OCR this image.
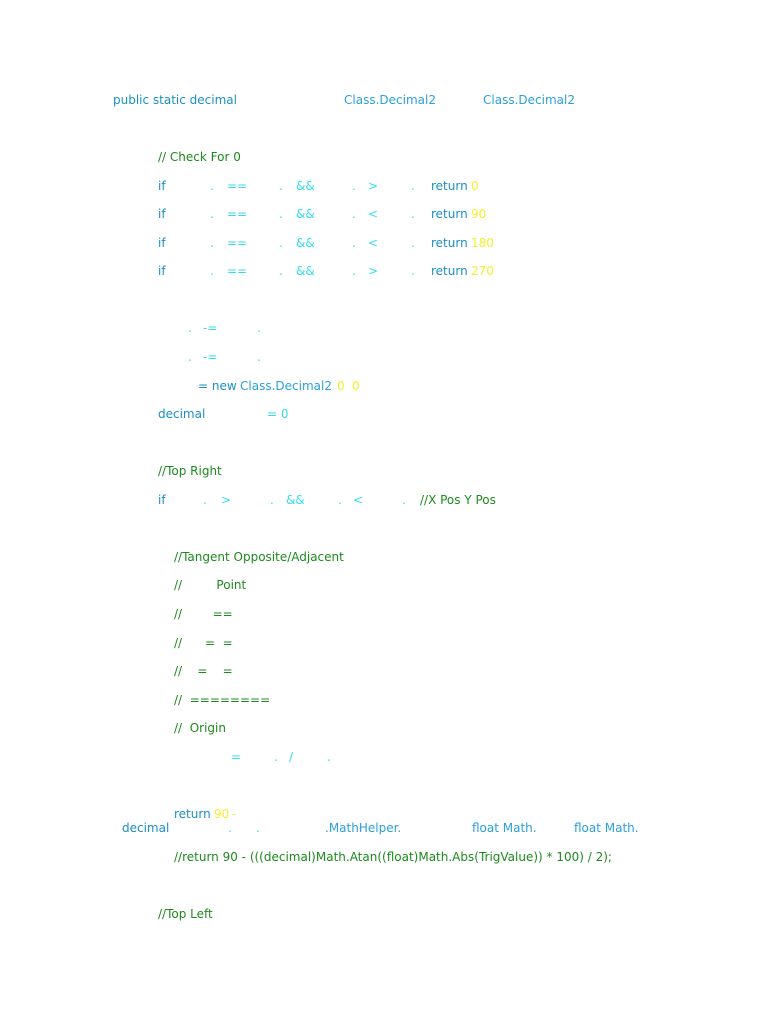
public static decimal

	Class.Decimal2

	Class.Decimal2

// Check For 0

if

	.

==

	.

&&

	.

>

	.

return

0

if

	.

==

	.

&&

	.

<

	.

return

90

if

	.

==

	.

&&

	.

<

	.

return

180

if

	.

==

	.

&&

	.

>

	.

return

270

.

-=

	.

.

-=

	.

= new

Class.Decimal2

0

0

decimal

	= 0

//Top Right

if

	.

>

	.

&&

	.

<

	.

//X Pos Y Pos

//Tangent Opposite/Adjacent

//         Point

//        ==

//      =  =

//    =    =

//  ========

//  Origin

=

	.

/

	.

return

90

-

decimal

	.

.

	.MathHelper.

	float Math.

	float Math.

//return 90 - (((decimal)Math.Atan((float)Math.Abs(TrigValue)) * 100) / 2);

//Top Left
